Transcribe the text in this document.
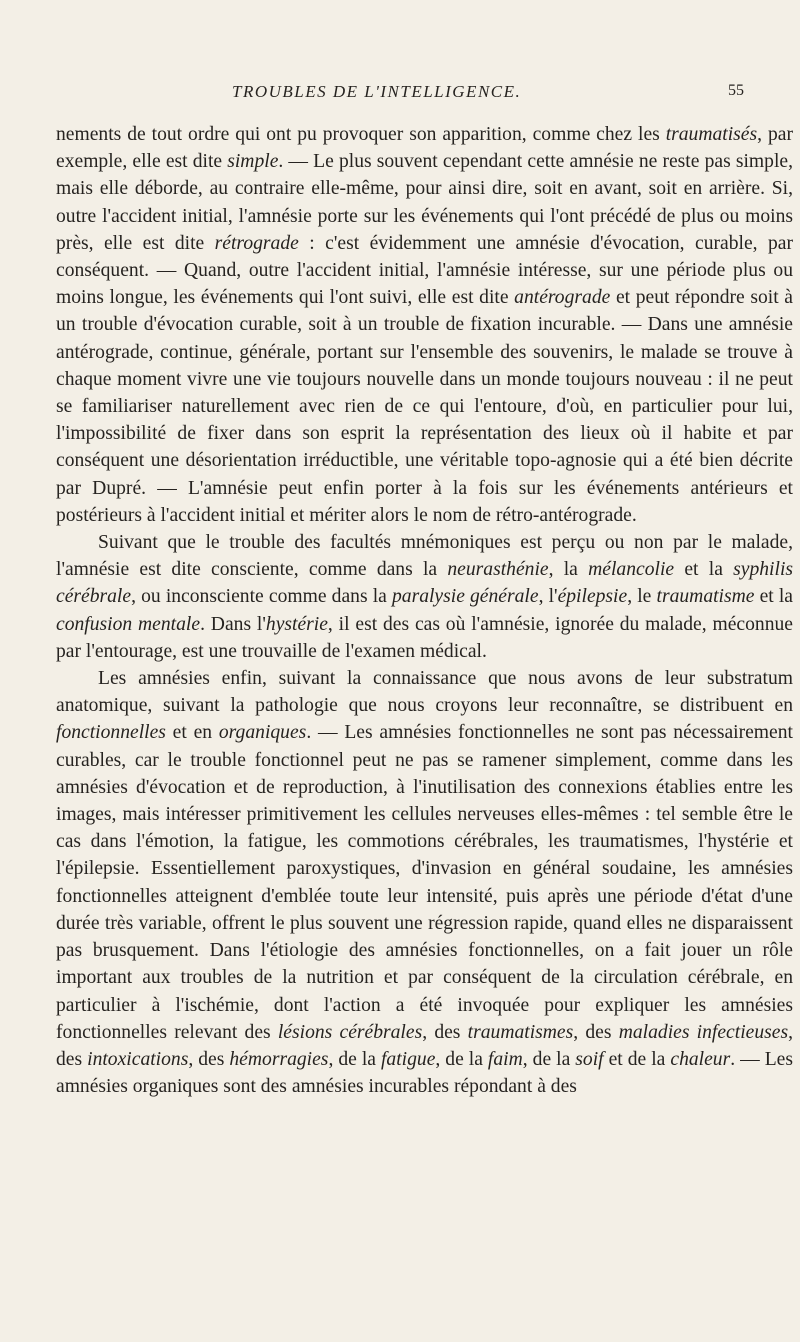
TROUBLES DE L'INTELLIGENCE.	55

nements de tout ordre qui ont pu provoquer son apparition, comme chez les traumatisés, par exemple, elle est dite simple. — Le plus souvent cependant cette amnésie ne reste pas simple, mais elle déborde, au contraire elle-même, pour ainsi dire, soit en avant, soit en arrière. Si, outre l'accident initial, l'amnésie porte sur les événements qui l'ont précédé de plus ou moins près, elle est dite rétrograde : c'est évidemment une amnésie d'évocation, curable, par conséquent. — Quand, outre l'accident initial, l'amnésie intéresse, sur une période plus ou moins longue, les événements qui l'ont suivi, elle est dite antérograde et peut répondre soit à un trouble d'évocation curable, soit à un trouble de fixation incurable. — Dans une amnésie antérograde, continue, générale, portant sur l'ensemble des souvenirs, le malade se trouve à chaque moment vivre une vie toujours nouvelle dans un monde toujours nouveau : il ne peut se familiariser naturellement avec rien de ce qui l'entoure, d'où, en particulier pour lui, l'impossibilité de fixer dans son esprit la représentation des lieux où il habite et par conséquent une désorientation irréductible, une véritable topo-agnosie qui a été bien décrite par Dupré. — L'amnésie peut enfin porter à la fois sur les événements antérieurs et postérieurs à l'accident initial et mériter alors le nom de rétro-antérograde.

Suivant que le trouble des facultés mnémoniques est perçu ou non par le malade, l'amnésie est dite consciente, comme dans la neurasthénie, la mélancolie et la syphilis cérébrale, ou inconsciente comme dans la paralysie générale, l'épilepsie, le traumatisme et la confusion mentale. Dans l'hystérie, il est des cas où l'amnésie, ignorée du malade, méconnue par l'entourage, est une trouvaille de l'examen médical.

Les amnésies enfin, suivant la connaissance que nous avons de leur substratum anatomique, suivant la pathologie que nous croyons leur reconnaître, se distribuent en fonctionnelles et en organiques. — Les amnésies fonctionnelles ne sont pas nécessairement curables, car le trouble fonctionnel peut ne pas se ramener simplement, comme dans les amnésies d'évocation et de reproduction, à l'inutilisation des connexions établies entre les images, mais intéresser primitivement les cellules nerveuses elles-mêmes : tel semble être le cas dans l'émotion, la fatigue, les commotions cérébrales, les traumatismes, l'hystérie et l'épilepsie. Essentiellement paroxystiques, d'invasion en général soudaine, les amnésies fonctionnelles atteignent d'emblée toute leur intensité, puis après une période d'état d'une durée très variable, offrent le plus souvent une régression rapide, quand elles ne disparaissent pas brusquement. Dans l'étiologie des amnésies fonctionnelles, on a fait jouer un rôle important aux troubles de la nutrition et par conséquent de la circulation cérébrale, en particulier à l'ischémie, dont l'action a été invoquée pour expliquer les amnésies fonctionnelles relevant des lésions cérébrales, des traumatismes, des maladies infectieuses, des intoxications, des hémorragies, de la fatigue, de la faim, de la soif et de la chaleur. — Les amnésies organiques sont des amnésies incurables répondant à des
